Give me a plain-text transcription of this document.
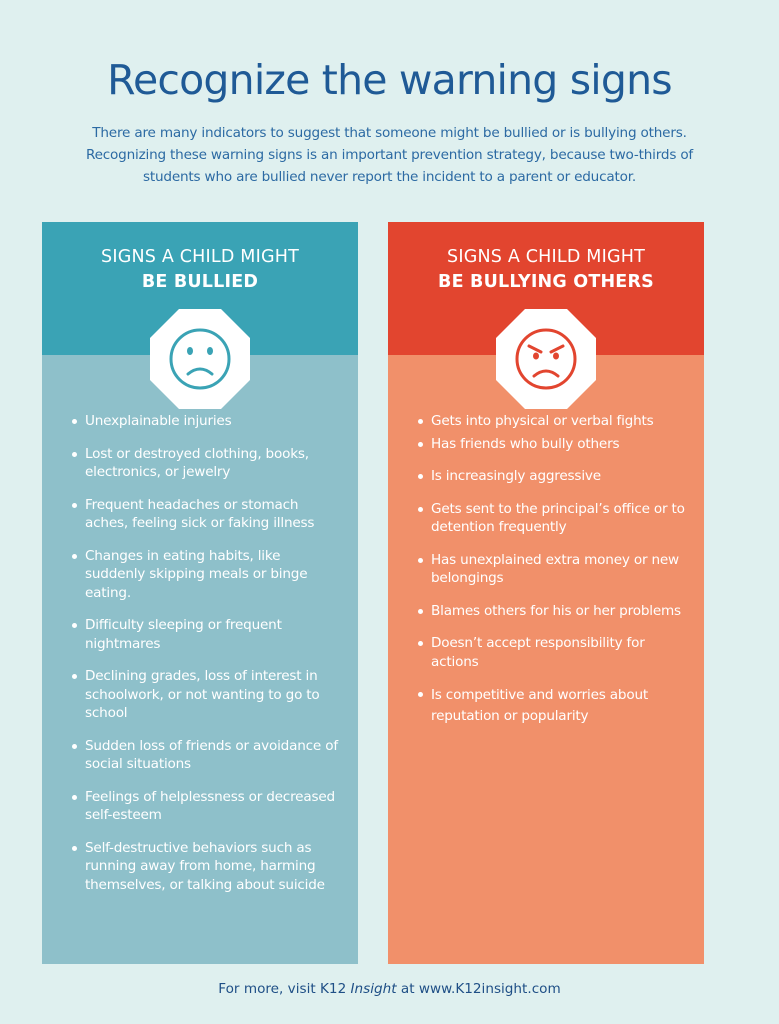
Recognize the warning signs
There are many indicators to suggest that someone might be bullied or is bullying others.
Recognizing these warning signs is an important prevention strategy, because two-thirds of
students who are bullied never report the incident to a parent or educator.
SIGNS A CHILD MIGHT
BE BULLIED
Unexplainable injuries
Lost or destroyed clothing, books, electronics, or jewelry
Frequent headaches or stomach aches, feeling sick or faking illness
Changes in eating habits, like suddenly skipping meals or binge eating.
Difficulty sleeping or frequent nightmares
Declining grades, loss of interest in schoolwork, or not wanting to go to school
Sudden loss of friends or avoidance of social situations
Feelings of helplessness or decreased self-esteem
Self-destructive behaviors such as running away from home, harming themselves, or talking about suicide
SIGNS A CHILD MIGHT
BE BULLYING OTHERS
Gets into physical or verbal fights
Has friends who bully others
Is increasingly aggressive
Gets sent to the principal’s office or to detention frequently
Has unexplained extra money or new belongings
Blames others for his or her problems
Doesn’t accept responsibility for actions
Is competitive and worries about reputation or popularity
For more, visit K12 Insight at www.K12insight.com
